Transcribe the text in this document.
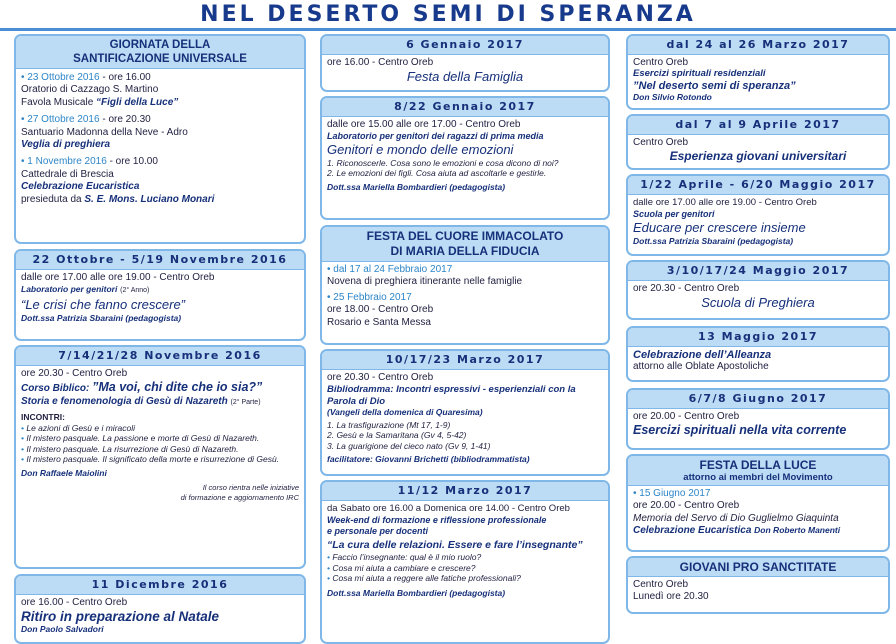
NEL DESERTO SEMI DI SPERANZA
GIORNATA DELLA
SANTIFICAZIONE UNIVERSALE
• 23 Ottobre 2016 - ore 16.00
Oratorio di Cazzago S. Martino
Favola Musicale “Figli della Luce”
• 27 Ottobre 2016 - ore 20.30
Santuario Madonna della Neve - Adro
Veglia di preghiera
• 1 Novembre 2016 - ore 10.00
Cattedrale di Brescia
Celebrazione Eucaristica
presieduta da S. E. Mons. Luciano Monari
22 Ottobre - 5/19 Novembre 2016
dalle ore 17.00 alle ore 19.00 - Centro Oreb
Laboratorio per genitori (2° Anno)
“Le crisi che fanno crescere”
Dott.ssa Patrizia Sbaraini (pedagogista)
7/14/21/28 Novembre 2016
ore 20.30 - Centro Oreb
Corso Biblico: ”Ma voi, chi dite che io sia?”
Storia e fenomenologia di Gesù di Nazareth (2° Parte)
INCONTRI:
• Le azioni di Gesù e i miracoli
• Il mistero pasquale. La passione e morte di Gesù di Nazareth.
• Il mistero pasquale. La risurrezione di Gesù di Nazareth.
• Il mistero pasquale. Il significato della morte e risurrezione di Gesù.
Don Raffaele Maiolini
Il corso rientra nelle iniziative
di formazione e aggiornamento IRC
11 Dicembre 2016
ore 16.00 - Centro Oreb
Ritiro in preparazione al Natale
Don Paolo Salvadori
6 Gennaio 2017
ore 16.00 - Centro Oreb
Festa della Famiglia
8/22 Gennaio 2017
dalle ore 15.00 alle ore 17.00 - Centro Oreb
Laboratorio per genitori dei ragazzi di prima media
Genitori e mondo delle emozioni
1. Riconoscerle. Cosa sono le emozioni e cosa dicono di noi?
2. Le emozioni dei figli. Cosa aiuta ad ascoltarle e gestirle.
Dott.ssa Mariella Bombardieri (pedagogista)
FESTA DEL CUORE IMMACOLATO
DI MARIA DELLA FIDUCIA
• dal 17 al 24 Febbraio 2017
Novena di preghiera itinerante nelle famiglie
• 25 Febbraio 2017
ore 18.00 - Centro Oreb
Rosario e Santa Messa
10/17/23 Marzo 2017
ore 20.30 - Centro Oreb
Bibliodramma: Incontri espressivi - esperienziali con la Parola di Dio
(Vangeli della domenica di Quaresima)
1. La trasfigurazione (Mt 17, 1-9)
2. Gesù e la Samaritana (Gv 4, 5-42)
3. La guarigione del cieco nato (Gv 9, 1-41)
facilitatore: Giovanni Brichetti (bibliodrammatista)
11/12 Marzo 2017
da Sabato ore 16.00 a Domenica ore 14.00 - Centro Oreb
Week-end di formazione e riflessione professionale
e personale per docenti
“La cura delle relazioni. Essere e fare l’insegnante”
• Faccio l’insegnante: qual è il mio ruolo?
• Cosa mi aiuta a cambiare e crescere?
• Cosa mi aiuta a reggere alle fatiche professionali?
Dott.ssa Mariella Bombardieri (pedagogista)
dal 24 al 26 Marzo 2017
Centro Oreb
Esercizi spirituali residenziali
”Nel deserto semi di speranza”
Don Silvio Rotondo
dal 7 al 9 Aprile 2017
Centro Oreb
Esperienza giovani universitari
1/22 Aprile - 6/20 Maggio 2017
dalle ore 17.00 alle ore 19.00 - Centro Oreb
Scuola per genitori
Educare per crescere insieme
Dott.ssa Patrizia Sbaraini (pedagogista)
3/10/17/24 Maggio 2017
ore 20.30 - Centro Oreb
Scuola di Preghiera
13 Maggio 2017
Celebrazione dell’Alleanza
attorno alle Oblate Apostoliche
6/7/8 Giugno 2017
ore 20.00 - Centro Oreb
Esercizi spirituali nella vita corrente
FESTA DELLA LUCE
attorno ai membri del Movimento
• 15 Giugno 2017
ore 20.00 - Centro Oreb
Memoria del Servo di Dio Guglielmo Giaquinta
Celebrazione Eucaristica Don Roberto Manenti
GIOVANI PRO SANCTITATE
Centro Oreb
Lunedì ore 20.30
